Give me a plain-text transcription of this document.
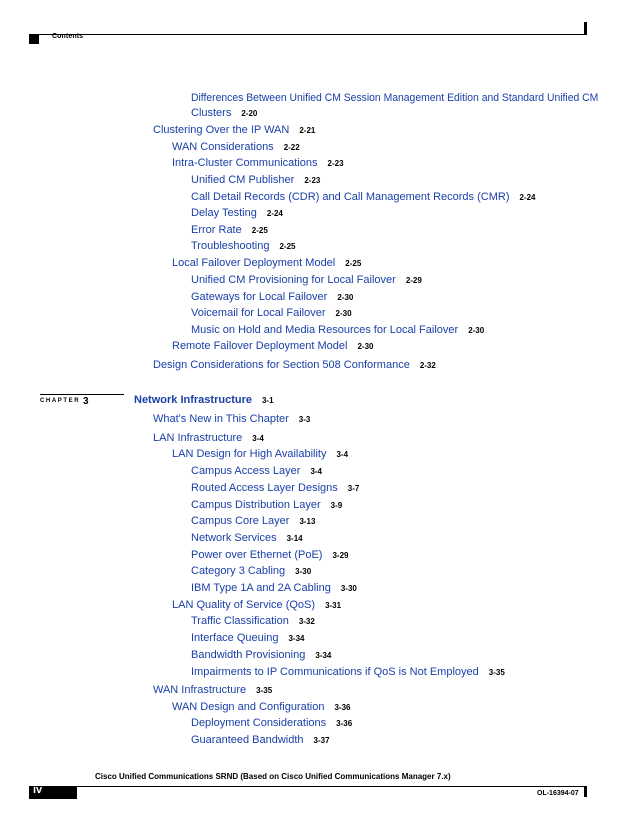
Contents
Differences Between Unified CM Session Management Edition and Standard Unified CM
Clusters 2-20
Clustering Over the IP WAN 2-21
WAN Considerations 2-22
Intra-Cluster Communications 2-23
Unified CM Publisher 2-23
Call Detail Records (CDR) and Call Management Records (CMR) 2-24
Delay Testing 2-24
Error Rate 2-25
Troubleshooting 2-25
Local Failover Deployment Model 2-25
Unified CM Provisioning for Local Failover 2-29
Gateways for Local Failover 2-30
Voicemail for Local Failover 2-30
Music on Hold and Media Resources for Local Failover 2-30
Remote Failover Deployment Model 2-30
Design Considerations for Section 508 Conformance 2-32
CHAPTER 3	Network Infrastructure 3-1
What's New in This Chapter 3-3
LAN Infrastructure 3-4
LAN Design for High Availability 3-4
Campus Access Layer 3-4
Routed Access Layer Designs 3-7
Campus Distribution Layer 3-9
Campus Core Layer 3-13
Network Services 3-14
Power over Ethernet (PoE) 3-29
Category 3 Cabling 3-30
IBM Type 1A and 2A Cabling 3-30
LAN Quality of Service (QoS) 3-31
Traffic Classification 3-32
Interface Queuing 3-34
Bandwidth Provisioning 3-34
Impairments to IP Communications if QoS is Not Employed 3-35
WAN Infrastructure 3-35
WAN Design and Configuration 3-36
Deployment Considerations 3-36
Guaranteed Bandwidth 3-37
Cisco Unified Communications SRND (Based on Cisco Unified Communications Manager 7.x)
iv	OL-16394-07
